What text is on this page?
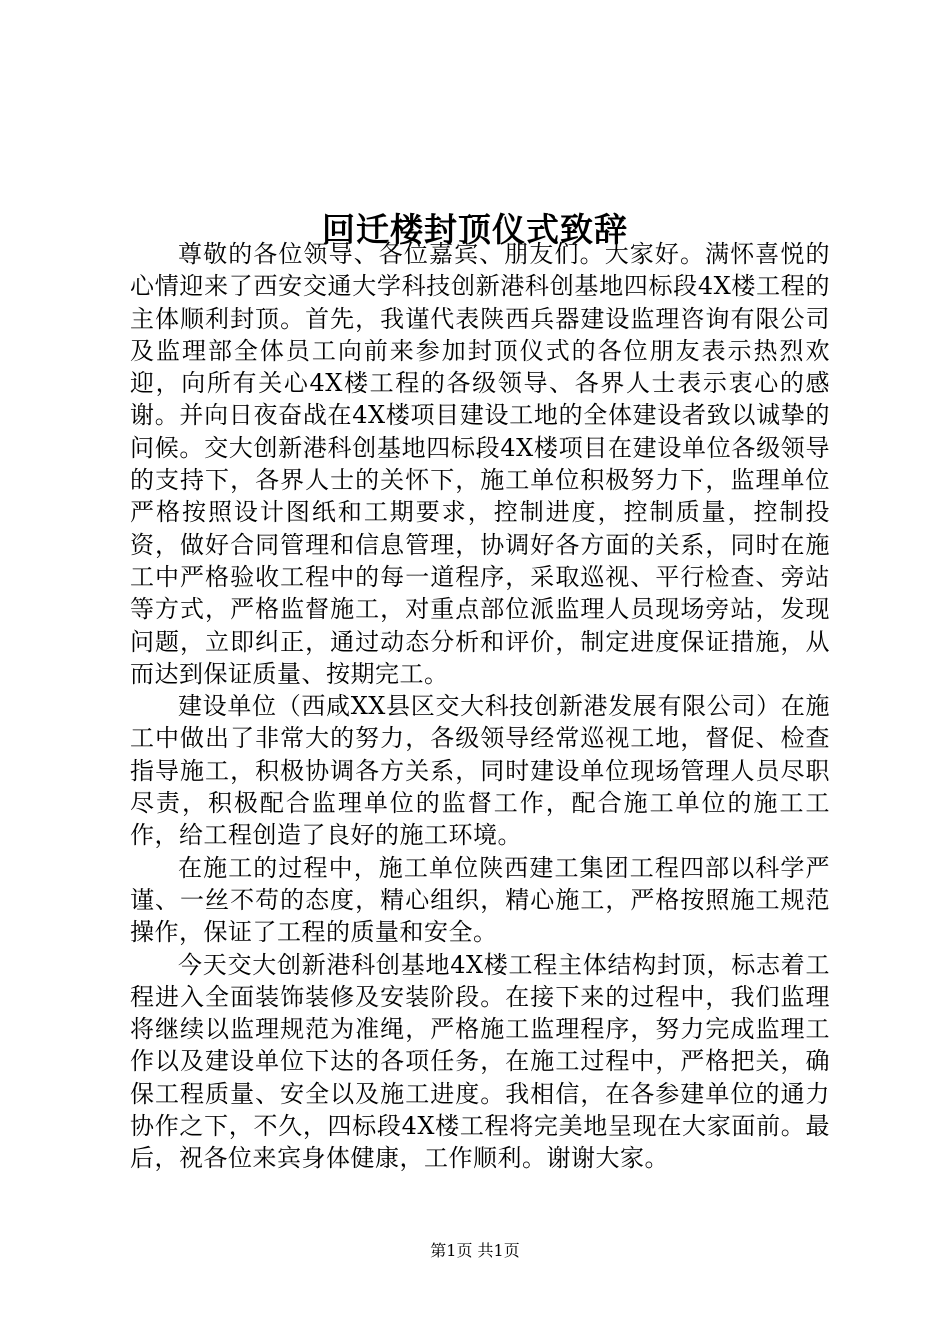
回迁楼封顶仪式致辞

尊敬的各位领导、各位嘉宾、朋友们。大家好。满怀喜悦的心情迎来了西安交通大学科技创新港科创基地四标段4X楼工程的主体顺利封顶。首先，我谨代表陕西兵器建设监理咨询有限公司及监理部全体员工向前来参加封顶仪式的各位朋友表示热烈欢迎，向所有关心4X楼工程的各级领导、各界人士表示衷心的感谢。并向日夜奋战在4X楼项目建设工地的全体建设者致以诚挚的问候。交大创新港科创基地四标段4X楼项目在建设单位各级领导的支持下，各界人士的关怀下，施工单位积极努力下，监理单位严格按照设计图纸和工期要求，控制进度，控制质量，控制投资，做好合同管理和信息管理，协调好各方面的关系，同时在施工中严格验收工程中的每一道程序，采取巡视、平行检查、旁站等方式，严格监督施工，对重点部位派监理人员现场旁站，发现问题，立即纠正，通过动态分析和评价，制定进度保证措施，从而达到保证质量、按期完工。

建设单位（西咸XX县区交大科技创新港发展有限公司）在施工中做出了非常大的努力，各级领导经常巡视工地，督促、检查指导施工，积极协调各方关系，同时建设单位现场管理人员尽职尽责，积极配合监理单位的监督工作，配合施工单位的施工工作，给工程创造了良好的施工环境。

在施工的过程中，施工单位陕西建工集团工程四部以科学严谨、一丝不苟的态度，精心组织，精心施工，严格按照施工规范操作，保证了工程的质量和安全。

今天交大创新港科创基地4X楼工程主体结构封顶，标志着工程进入全面装饰装修及安装阶段。在接下来的过程中，我们监理将继续以监理规范为准绳，严格施工监理程序，努力完成监理工作以及建设单位下达的各项任务，在施工过程中，严格把关，确保工程质量、安全以及施工进度。我相信，在各参建单位的通力协作之下，不久，四标段4X楼工程将完美地呈现在大家面前。最后，祝各位来宾身体健康，工作顺利。谢谢大家。

第1页 共1页
